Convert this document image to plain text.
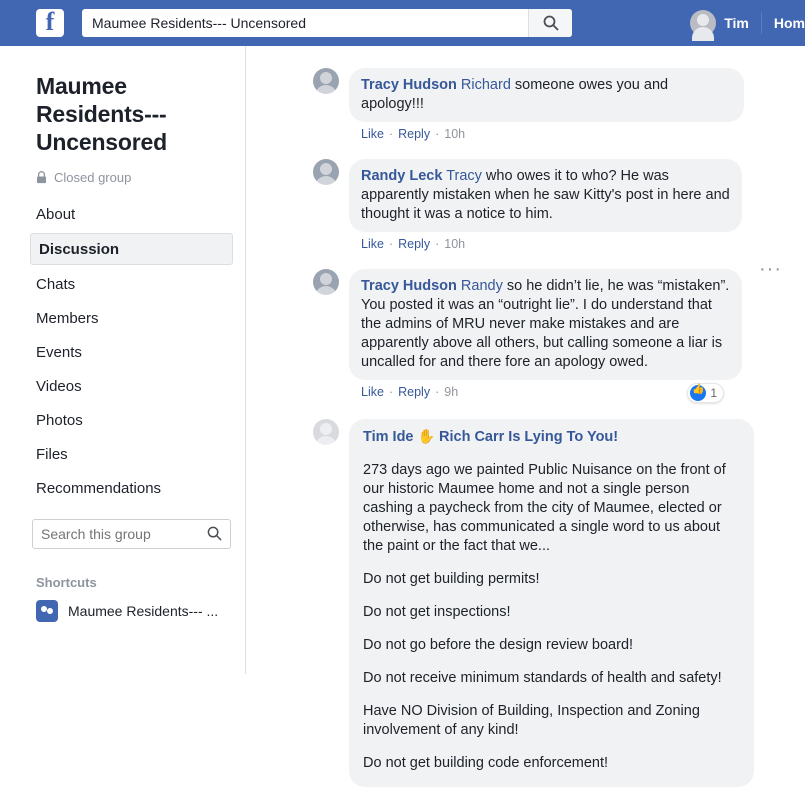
f
Maumee Residents--- Uncensored	Tim Hom
Maumee Residents--- Uncensored
Closed group
About
Discussion
Chats
Members
Events
Videos
Photos
Files
Recommendations
Search this group
Shortcuts
Maumee Residents--- ...
Tracy Hudson Richard someone owes you and apology!!!
Like · Reply · 10h
Randy Leck Tracy who owes it to who? He was apparently mistaken when he saw Kitty's post in here and thought it was a notice to him.
Like · Reply · 10h
Tracy Hudson Randy so he didn’t lie, he was “mistaken”. You posted it was an “outright lie”. I do understand that the admins of MRU never make mistakes and are apparently above all others, but calling someone a liar is uncalled for and there fore an apology owed.
👍
1
Like · Reply · 9h
···

Tim Ide ✋ Rich Carr Is Lying To You!

273 days ago we painted Public Nuisance on the front of our historic Maumee home and not a single person cashing a paycheck from the city of Maumee, elected or otherwise, has communicated a single word to us about the paint or the fact that we...

Do not get building permits!

Do not get inspections!

Do not go before the design review board!

Do not receive minimum standards of health and safety!

Have NO Division of Building, Inspection and Zoning involvement of any kind!

Do not get building code enforcement!
